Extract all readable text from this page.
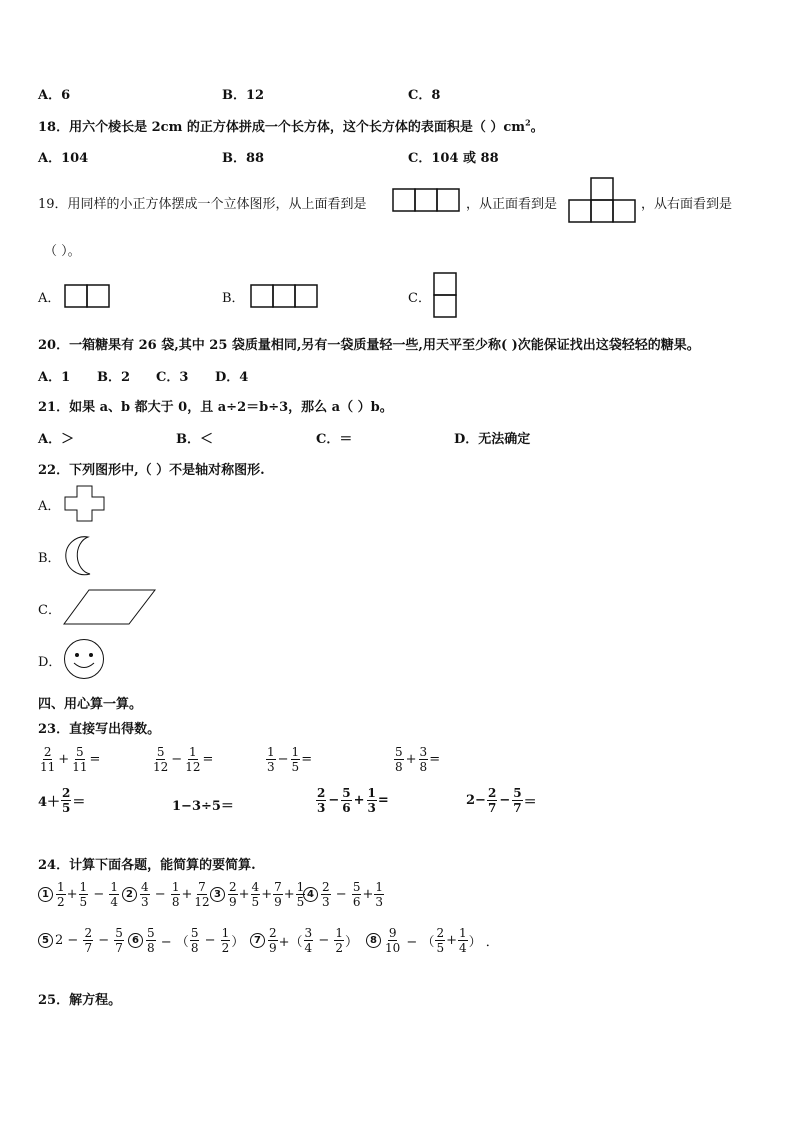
A．6	B．12	C．8
18．用六个棱长是 2cm 的正方体拼成一个长方体，这个长方体的表面积是（ ）$cm^2$。
A．104	B．88	C．104 或 88
19．用同样的小正方体摆成一个立体图形，从上面看到是	，从正面看到是	，从右面看到是
（ ）。
A．	B．	C．
20．一箱糖果有 26 袋,其中 25 袋质量相同,另有一袋质量轻一些,用天平至少称( )次能保证找出这袋轻轻的糖果。
A．1 B．2 C．3 D．4
21．如果 a、b 都大于 0，且 a÷2＝b÷3，那么 a（ ）b。
A．＞	B．＜	C．＝	D．无法确定
22．下列图形中,（ ）不是轴对称图形.
A．
B．
C．
D．
四、用心算一算。
23．直接写出得数。
$\frac{2}{11} + \frac{5}{11}$ =	$\frac{5}{12} - \frac{1}{12}$ =	$\frac{1}{3} - \frac{1}{5}$ =	$\frac{5}{8} + \frac{3}{8}$ =
$4+ \frac{2}{5}$ ＝	1−3÷5＝	$\frac{2}{3} - \frac{5}{6} + \frac{1}{3}$ =	$2- \frac{2}{7} - \frac{5}{7}$ ＝
24．计算下面各题，能简算的要简算.
$1 \frac{1}{2} + \frac{1}{5} - \frac{1}{4} 2 \frac{4}{3} - \frac{1}{8} + \frac{7}{12} 3 \frac{2}{9} + \frac{4}{5} + \frac{7}{9} + \frac{1}{5} 4 \frac{2}{3} - \frac{5}{6} + \frac{1}{3}$
5 2 −
$\frac{2}{7} - \frac{5}{7} 6 \frac{5}{8}$ − （ $\frac{5}{8} - \frac{1}{2}$ ） $7 \frac{2}{9}$ +（ $\frac{3}{4} - \frac{1}{2}$ ）	$8 \frac{9}{10}$ − （ $\frac{2}{5} + \frac{1}{4}$ ） ．
25．解方程。
